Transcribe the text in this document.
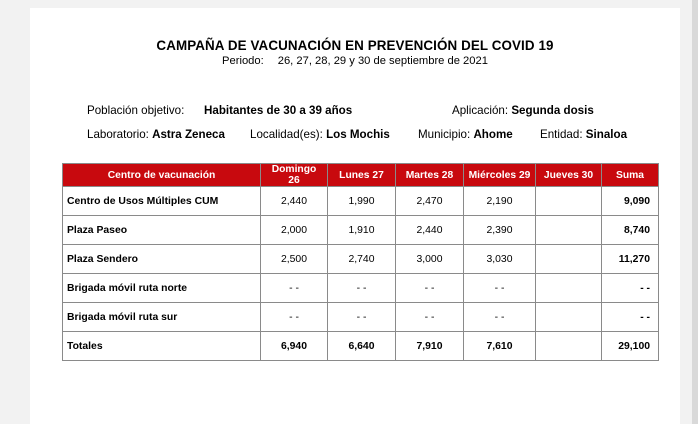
CAMPAÑA DE VACUNACIÓN EN PREVENCIÓN DEL COVID 19
Periodo: 26, 27, 28, 29 y 30 de septiembre de 2021
Población objetivo: Habitantes de 30 a 39 años	Aplicación: Segunda dosis
Laboratorio: Astra Zeneca Localidad(es): Los Mochis Municipio: Ahome Entidad: Sinaloa
Centro de vacunación	Domingo 26	Lunes 27	Martes 28	Miércoles 29	Jueves 30	Suma
Centro de Usos Múltiples CUM	2,440	1,990	2,470	2,190		9,090
Plaza Paseo	2,000	1,910	2,440	2,390		8,740
Plaza Sendero	2,500	2,740	3,000	3,030		11,270
Brigada móvil ruta norte	- -	- -	- -	- -		- -
Brigada móvil ruta sur	- -	- -	- -	- -		- -
Totales	6,940	6,640	7,910	7,610		29,100
